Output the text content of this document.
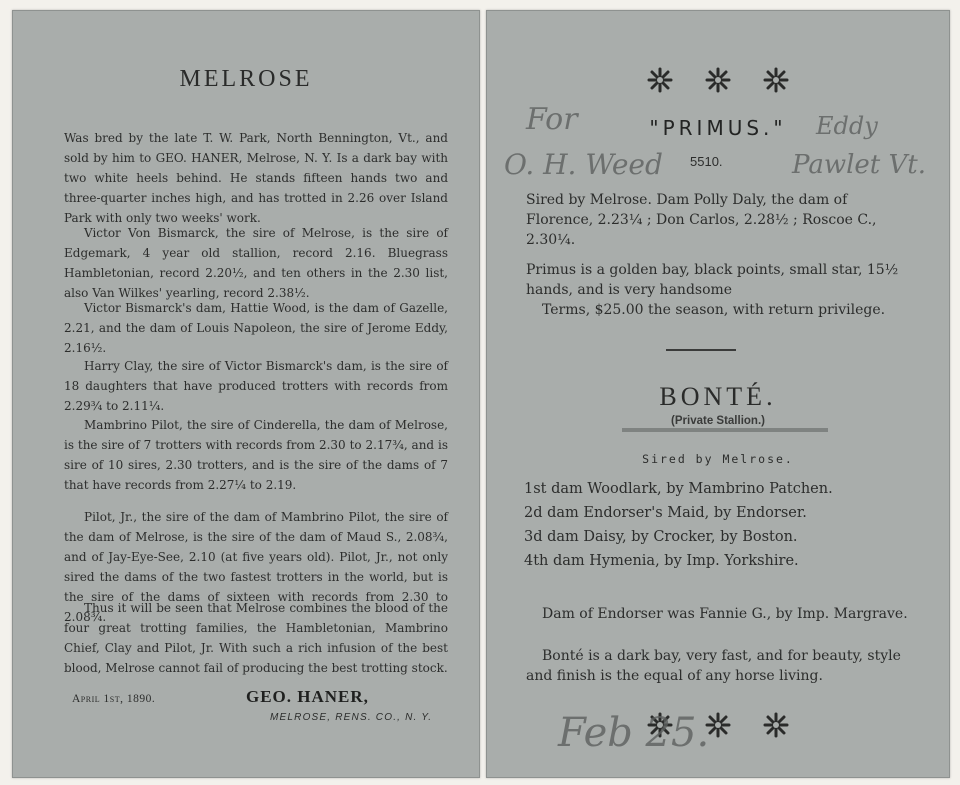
MELROSE

Was bred by the late T. W. Park, North Bennington, Vt., and sold by him to GEO. HANER, Melrose, N. Y. Is a dark bay with two white heels behind. He stands fifteen hands two and three-quarter inches high, and has trotted in 2.26 over Island Park with only two weeks' work.

Victor Von Bismarck, the sire of Melrose, is the sire of Edgemark, 4 year old stallion, record 2.16. Bluegrass Hambletonian, record 2.20½, and ten others in the 2.30 list, also Van Wilkes' yearling, record 2.38½.

Victor Bismarck's dam, Hattie Wood, is the dam of Gazelle, 2.21, and the dam of Louis Napoleon, the sire of Jerome Eddy, 2.16½.

Harry Clay, the sire of Victor Bismarck's dam, is the sire of 18 daughters that have produced trotters with records from 2.29¾ to 2.11¼.

Mambrino Pilot, the sire of Cinderella, the dam of Melrose, is the sire of 7 trotters with records from 2.30 to 2.17¾, and is sire of 10 sires, 2.30 trotters, and is the sire of the dams of 7 that have records from 2.27¼ to 2.19.

Pilot, Jr., the sire of the dam of Mambrino Pilot, the sire of the dam of Melrose, is the sire of the dam of Maud S., 2.08¾, and of Jay-Eye-See, 2.10 (at five years old). Pilot, Jr., not only sired the dams of the two fastest trotters in the world, but is the sire of the dams of sixteen with records from 2.30 to 2.08¾.

Thus it will be seen that Melrose combines the blood of the four great trotting families, the Hambletonian, Mambrino Chief, Clay and Pilot, Jr. With such a rich infusion of the best blood, Melrose cannot fail of producing the best trotting stock.

April 1st, 1890.	GEO. HANER,
MELROSE, RENS. CO., N. Y.

"PRIMUS."
5510.

Sired by Melrose. Dam Polly Daly, the dam of Florence, 2.23¼ ; Don Carlos, 2.28½ ; Roscoe C., 2.30¼.

Primus is a golden bay, black points, small star, 15½ hands, and is very handsome

Terms, $25.00 the season, with return privilege.

BONTÉ.
(Private Stallion.)
Sired by Melrose.
1st dam Woodlark, by Mambrino Patchen.
2d dam Endorser's Maid, by Endorser.
3d dam Daisy, by Crocker, by Boston.
4th dam Hymenia, by Imp. Yorkshire.

Dam of Endorser was Fannie G., by Imp. Margrave.

Bonté is a dark bay, very fast, and for beauty, style and finish is the equal of any horse living.

For	Eddy
O. H. Weed	Pawlet Vt.
Feb 25.
